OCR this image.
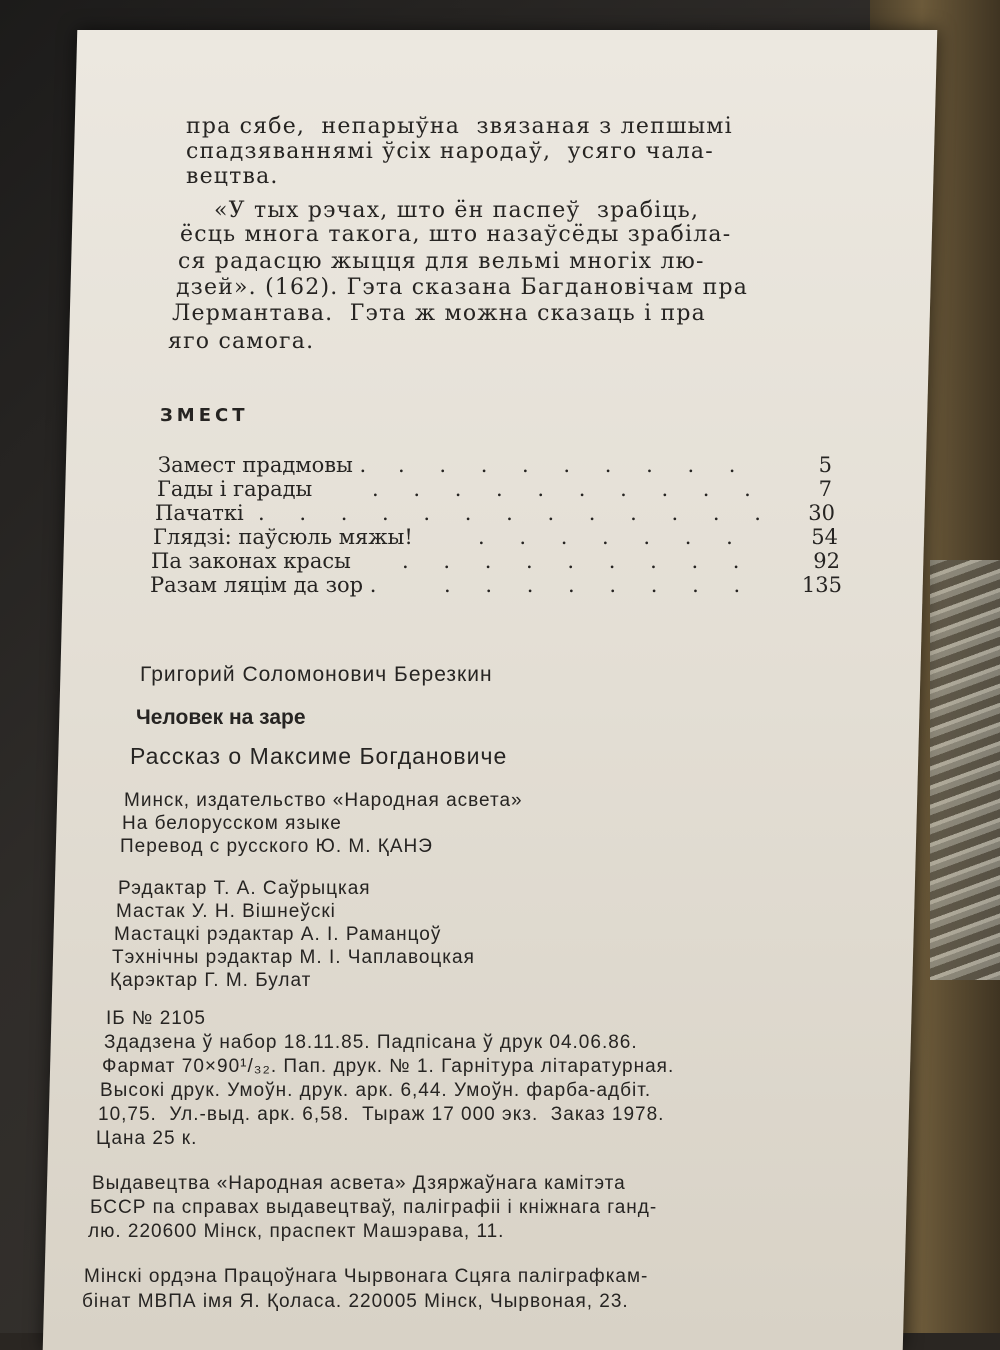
пра сябе,  непарыўна  звязаная з лепшымі

спадзяваннямі ўсіх народаў,  усяго чала-

вецтва.

«У тых рэчах, што ён паспеў  зрабіць,

ёсць многа такога, што назаўсёды зрабіла-

ся радасцю жыцця для вельмі многіх лю-

дзей». (162). Гэта сказана Багдановічам пра

Лермантава.  Гэта ж можна сказаць і пра

яго самога.

ЗМЕСТ

Замест прадмовы . . . . . . . . . .	5
Гады і гарады	. . . . . . . . . .	7
Пачаткі . . . . . . . . . . . . .	30
Глядзі: паўсюль мяжы!	. . . . . . .	54
Па законах красы . . . . . . . . .	92
Разам ляцім да зор .	. . . . . . . .	135

Григорий Соломонович Березкин

Человек на заре

Рассказ о Максиме Богдановиче

Минск, издательство «Народная асвета»

На белорусском языке

Перевод с русского Ю. М. ҚАНЭ

Рэдактар Т. А. Саўрыцкая

Мастак У. Н. Вішнеўскі

Мастацкі рэдактар А. І. Раманцоў

Тэхнічны рэдактар М. І. Чаплавоцкая

Қарэктар Г. М. Булат

ІБ № 2105

Здадзена ў набор 18.11.85. Падпісана ў друк 04.06.86.

Фармат 70×90¹/₃₂. Пап. друк. № 1. Гарнітура літаратурная.

Высокі друк. Умоўн. друк. арк. 6,44. Умоўн. фарба-адбіт.

10,75.  Ул.-выд. арк. 6,58.  Тыраж 17 000 экз.  Заказ 1978.

Цана 25 к.

Выдавецтва «Народная асвета» Дзяржаўнага камітэта

БССР па справах выдавецтваў, паліграфіі і кніжнага ганд-

лю. 220600 Мінск, праспект Машэрава, 11.

Мінскі ордэна Працоўнага Чырвонага Сцяга паліграфкам-

бінат МВПА імя Я. Қоласа. 220005 Мінск, Чырвоная, 23.
